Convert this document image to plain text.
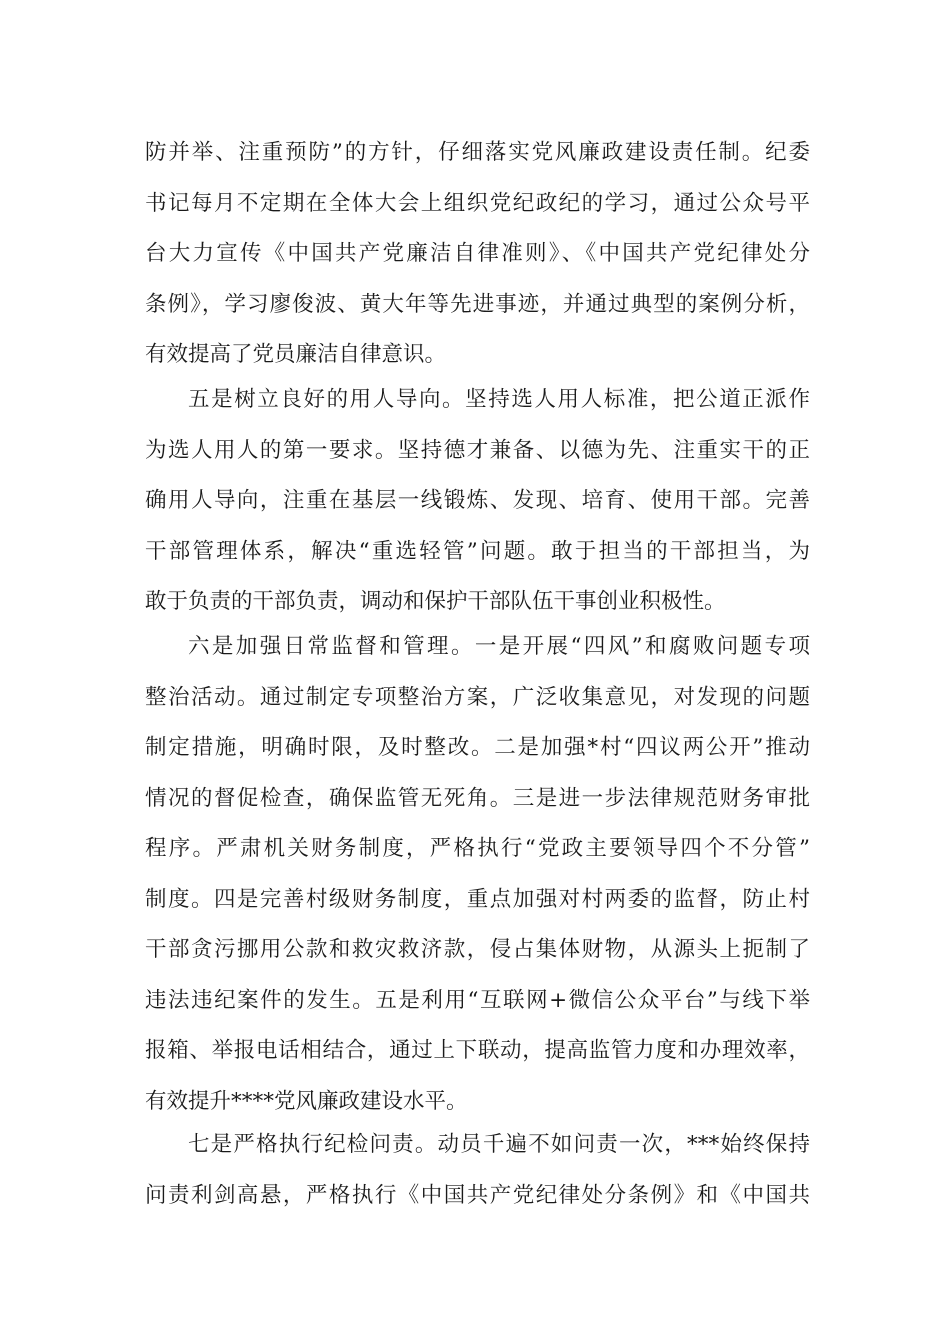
防并举、注重预防”的方针，仔细落实党风廉政建设责任制。纪委
书记每月不定期在全体大会上组织党纪政纪的学习，通过公众号平
台大力宣传《中国共产党廉洁自律准则》、《中国共产党纪律处分
条例》，学习廖俊波、黄大年等先进事迹，并通过典型的案例分析，
有效提高了党员廉洁自律意识。
五是树立良好的用人导向。坚持选人用人标准，把公道正派作
为选人用人的第一要求。坚持德才兼备、以德为先、注重实干的正
确用人导向，注重在基层一线锻炼、发现、培育、使用干部。完善
干部管理体系，解决“重选轻管”问题。敢于担当的干部担当，为
敢于负责的干部负责，调动和保护干部队伍干事创业积极性。
六是加强日常监督和管理。一是开展“四风”和腐败问题专项
整治活动。通过制定专项整治方案，广泛收集意见，对发现的问题
制定措施，明确时限，及时整改。二是加强*村“四议两公开”推动
情况的督促检查，确保监管无死角。三是进一步法律规范财务审批
程序。严肃机关财务制度，严格执行“党政主要领导四个不分管”
制度。四是完善村级财务制度，重点加强对村两委的监督，防止村
干部贪污挪用公款和救灾救济款，侵占集体财物，从源头上扼制了
违法违纪案件的发生。五是利用“互联网+微信公众平台”与线下举
报箱、举报电话相结合，通过上下联动，提高监管力度和办理效率，
有效提升****党风廉政建设水平。
七是严格执行纪检问责。动员千遍不如问责一次，***始终保持
问责利剑高悬，严格执行《中国共产党纪律处分条例》和《中国共
